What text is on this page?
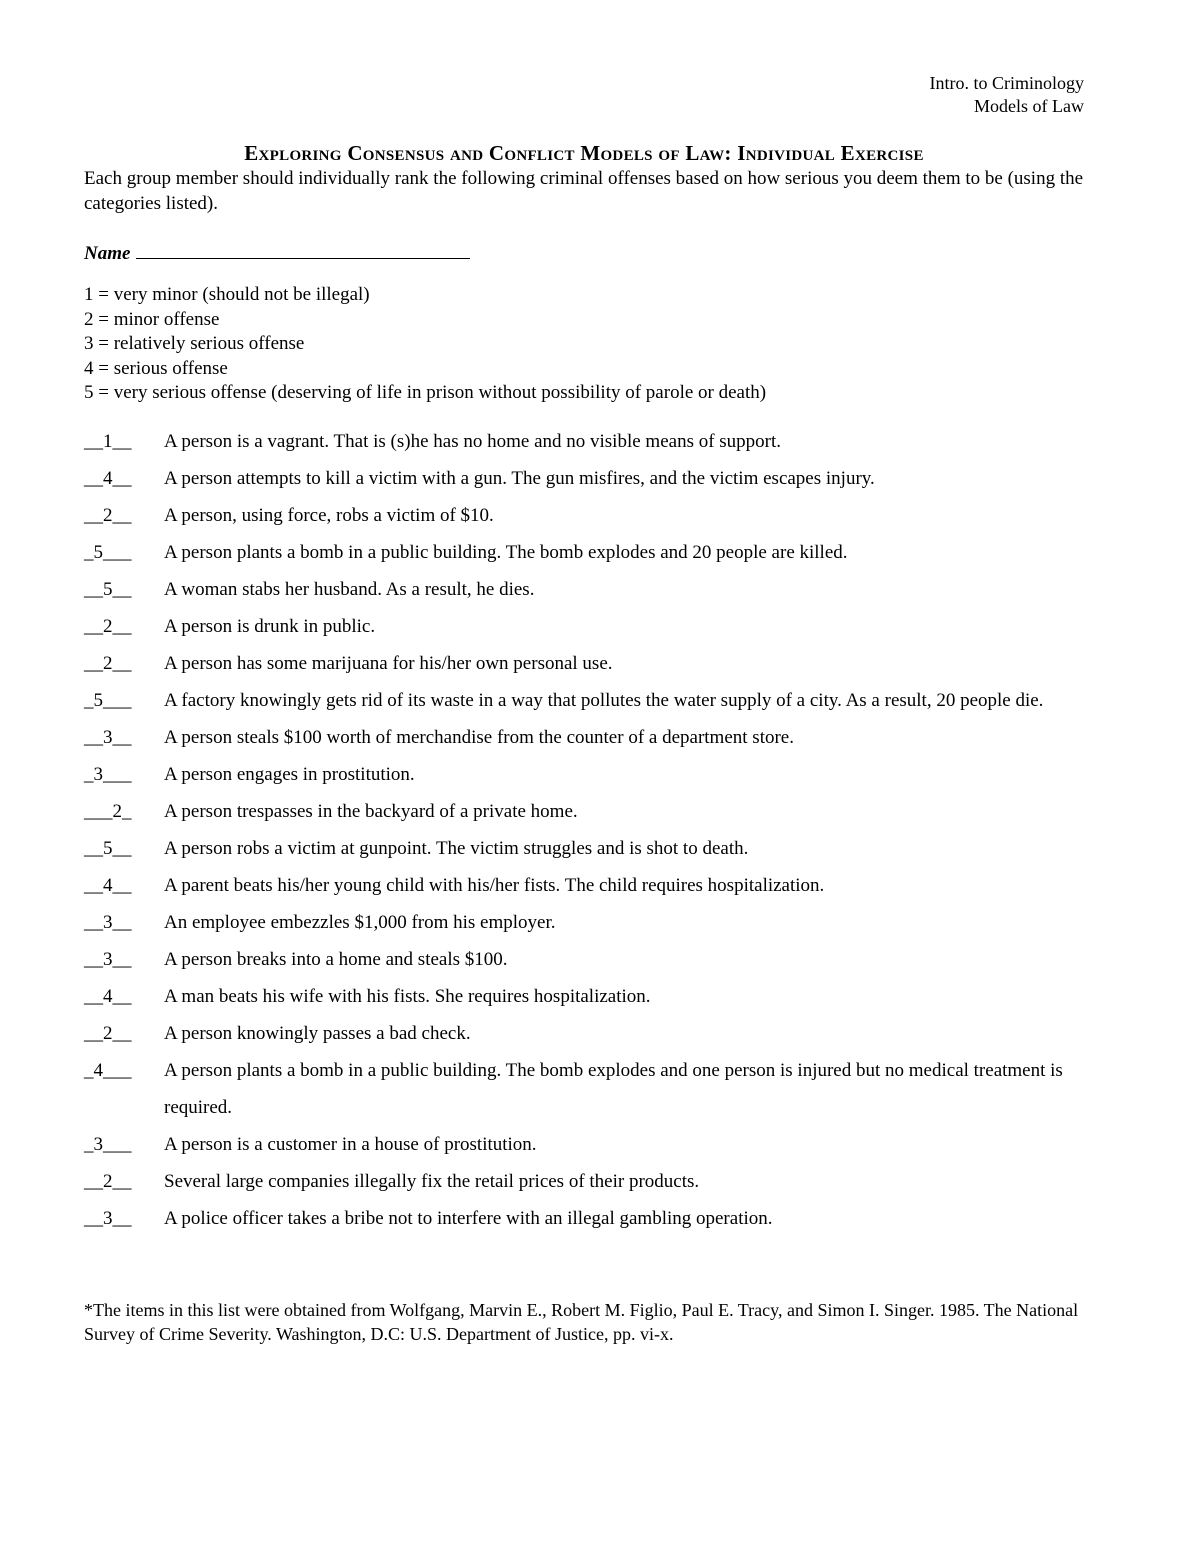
Intro. to Criminology
Models of Law
Exploring Consensus and Conflict Models of Law: Individual Exercise
Each group member should individually rank the following criminal offenses based on how serious you deem them to be (using the categories listed).
Name
1 = very minor (should not be illegal)
2 = minor offense
3 = relatively serious offense
4 = serious offense
5 = very serious offense (deserving of life in prison without possibility of parole or death)
__1__	A person is a vagrant. That is (s)he has no home and no visible means of support.
__4__	A person attempts to kill a victim with a gun. The gun misfires, and the victim escapes injury.
__2__	A person, using force, robs a victim of $10.
_5___	A person plants a bomb in a public building. The bomb explodes and 20 people are killed.
__5__	A woman stabs her husband. As a result, he dies.
__2__	A person is drunk in public.
__2__	A person has some marijuana for his/her own personal use.
_5___	A factory knowingly gets rid of its waste in a way that pollutes the water supply of a city. As a result, 20 people die.
__3__	A person steals $100 worth of merchandise from the counter of a department store.
_3___	A person engages in prostitution.
___2_	A person trespasses in the backyard of a private home.
__5__	A person robs a victim at gunpoint. The victim struggles and is shot to death.
__4__	A parent beats his/her young child with his/her fists. The child requires hospitalization.
__3__	An employee embezzles $1,000 from his employer.
__3__	A person breaks into a home and steals $100.
__4__	A man beats his wife with his fists. She requires hospitalization.
__2__	A person knowingly passes a bad check.
_4___	A person plants a bomb in a public building. The bomb explodes and one person is injured but no medical treatment is required.
_3___	A person is a customer in a house of prostitution.
__2__	Several large companies illegally fix the retail prices of their products.
__3__	A police officer takes a bribe not to interfere with an illegal gambling operation.
*The items in this list were obtained from Wolfgang, Marvin E., Robert M. Figlio, Paul E. Tracy, and Simon I. Singer. 1985. The National Survey of Crime Severity. Washington, D.C: U.S. Department of Justice, pp. vi-x.
